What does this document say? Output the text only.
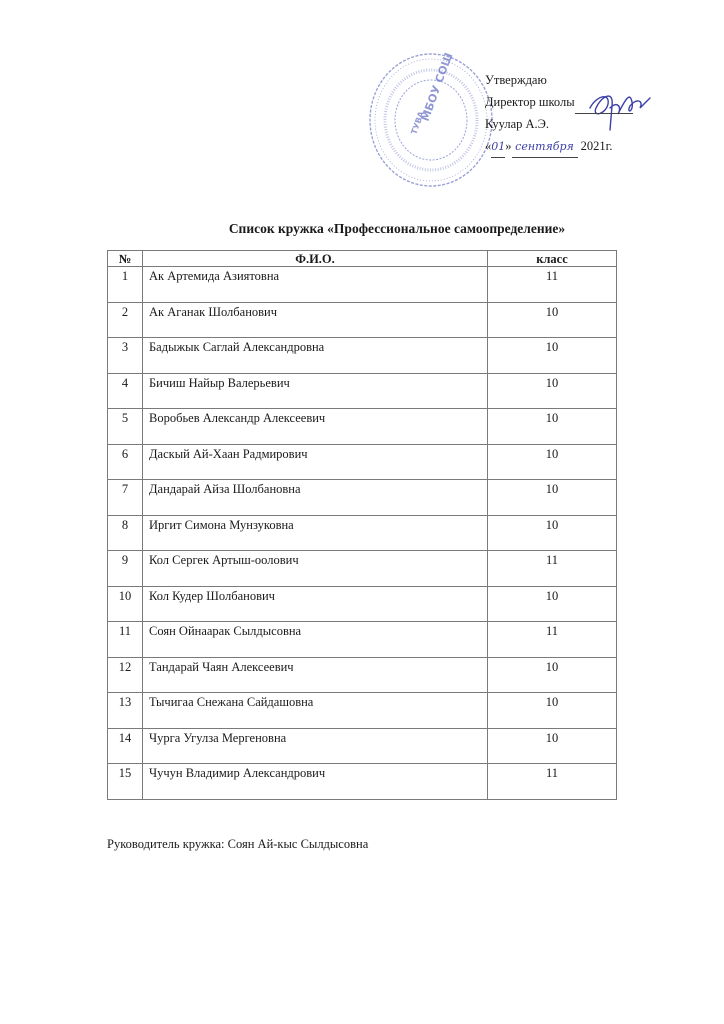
МБОУ СОШ
ТУВА
Утверждаю
Директор школы
Куулар А.Э.
«01» сентября 2021г.
Список кружка «Профессиональное самоопределение»
№	Ф.И.О.	класс
1	Ак Артемида Азиятовна	11
2	Ак Аганак Шолбанович	10
3	Бадыжык Саглай Александровна	10
4	Бичиш Найыр Валерьевич	10
5	Воробьев Александр Алексеевич	10
6	Даскый Ай-Хаан Радмирович	10
7	Дандарай Айза Шолбановна	10
8	Иргит Симона Мунзуковна	10
9	Кол Сергек Артыш-оолович	11
10	Кол Кудер Шолбанович	10
11	Соян Ойнаарак Сылдысовна	11
12	Тандарай Чаян Алексеевич	10
13	Тычигаа Снежана Сайдашовна	10
14	Чурга Угулза Мергеновна	10
15	Чучун Владимир Александрович	11
Руководитель кружка: Соян Ай-кыс Сылдысовна
